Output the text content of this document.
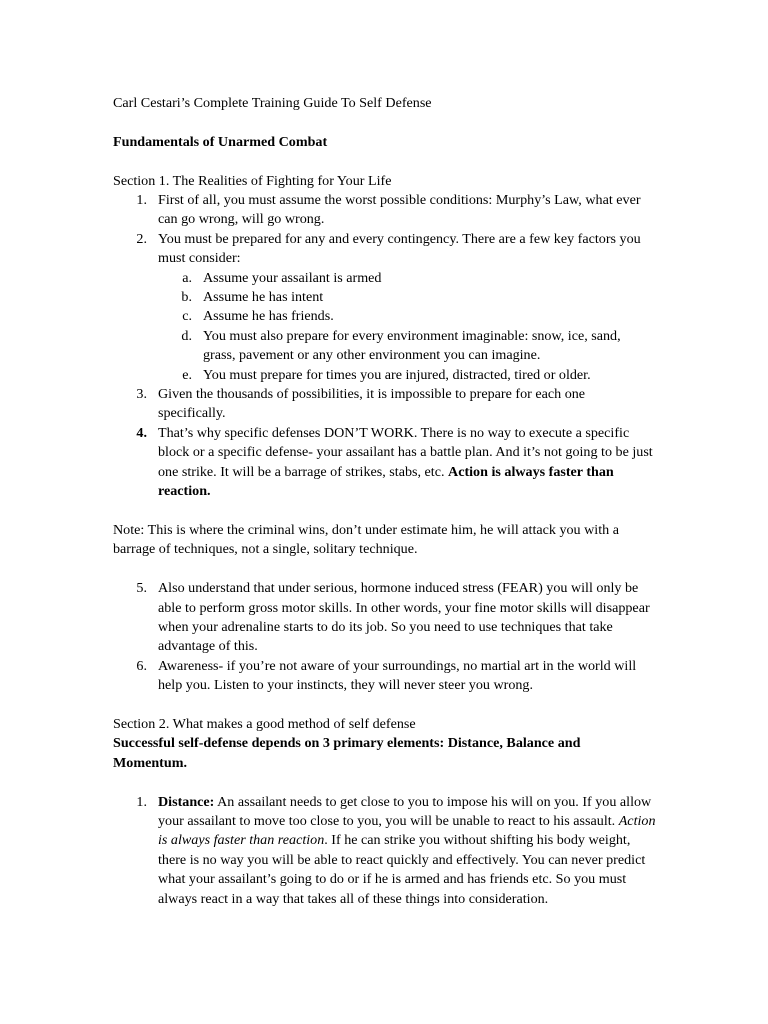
Carl Cestari’s Complete Training Guide To Self Defense

Fundamentals of Unarmed Combat

Section 1. The Realities of Fighting for Your Life

1. First of all, you must assume the worst possible conditions: Murphy’s Law, what ever can go wrong, will go wrong.
2. You must be prepared for any and every contingency. There are a few key factors you must consider:
a. Assume your assailant is armed
b. Assume he has intent
c. Assume he has friends.
d. You must also prepare for every environment imaginable: snow, ice, sand, grass, pavement or any other environment you can imagine.
e. You must prepare for times you are injured, distracted, tired or older.
3. Given the thousands of possibilities, it is impossible to prepare for each one specifically.
4. That’s why specific defenses DON’T WORK. There is no way to execute a specific block or a specific defense- your assailant has a battle plan. And it’s not going to be just one strike. It will be a barrage of strikes, stabs, etc. Action is always faster than reaction.

Note: This is where the criminal wins, don’t under estimate him, he will attack you with a barrage of techniques, not a single, solitary technique.

5. Also understand that under serious, hormone induced stress (FEAR) you will only be able to perform gross motor skills. In other words, your fine motor skills will disappear when your adrenaline starts to do its job. So you need to use techniques that take advantage of this.
6. Awareness- if you’re not aware of your surroundings, no martial art in the world will help you. Listen to your instincts, they will never steer you wrong.

Section 2. What makes a good method of self defense

Successful self-defense depends on 3 primary elements: Distance, Balance and Momentum.

1. Distance: An assailant needs to get close to you to impose his will on you. If you allow your assailant to move too close to you, you will be unable to react to his assault. Action is always faster than reaction. If he can strike you without shifting his body weight, there is no way you will be able to react quickly and effectively. You can never predict what your assailant’s going to do or if he is armed and has friends etc. So you must always react in a way that takes all of these things into consideration.
